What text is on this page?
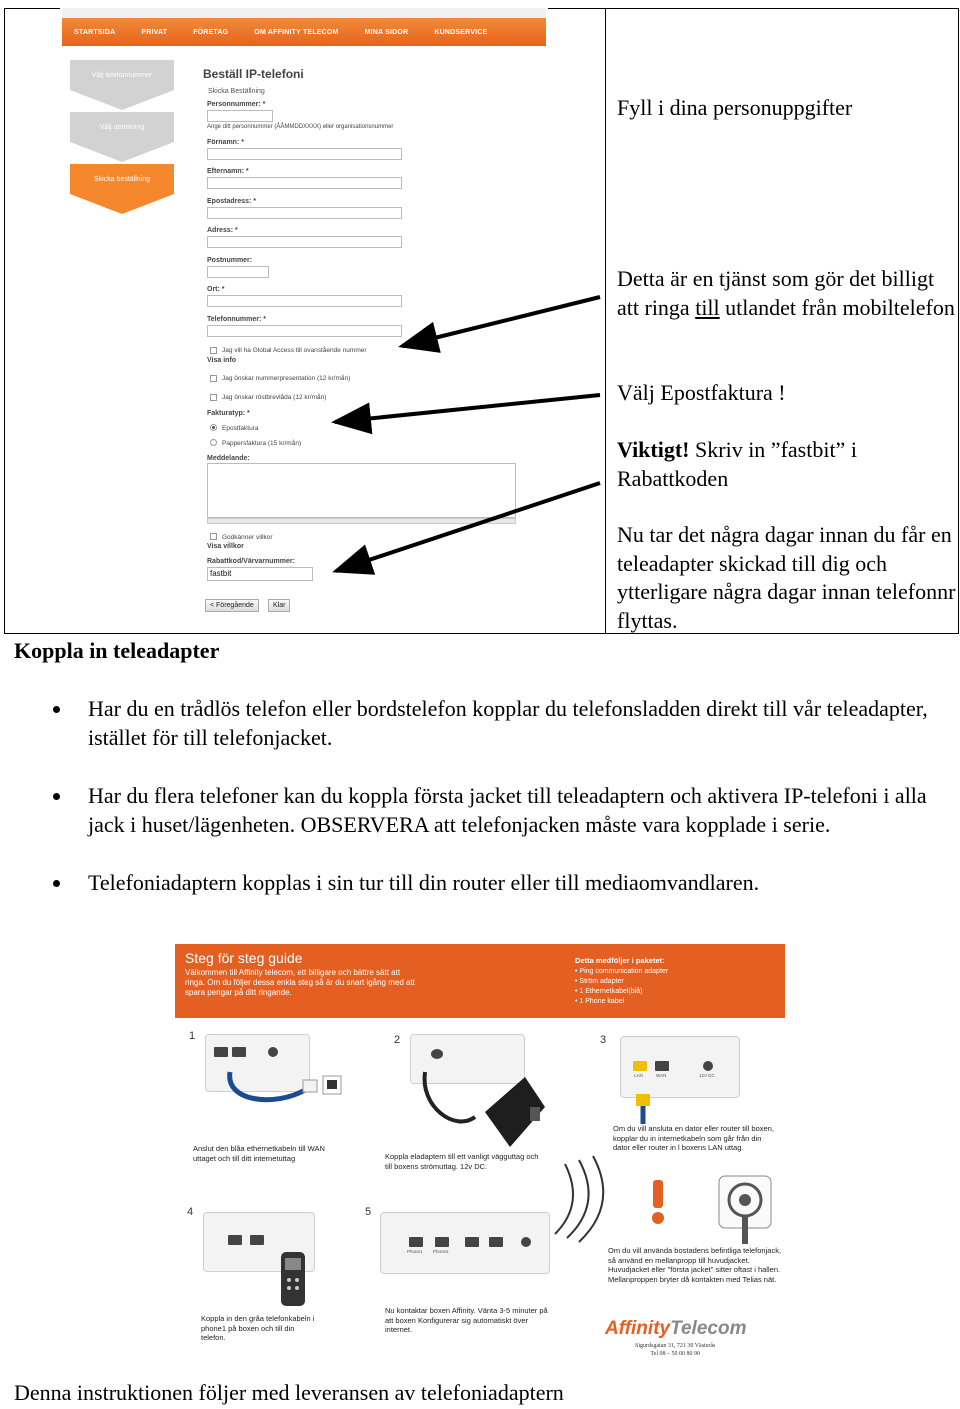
STARTSIDA	PRIVAT	FÖRETAG	OM AFFINITY TELECOM	MINA SIDOR	KUNDSERVICE
Välj telefonnummer
Välj utrustning
Skicka beställning
Beställ IP-telefoni
Skicka Beställning
Personnummer: *
Ange ditt personnummer (ÅÅMMDDXXXX) eller organisationsnummer
Förnamn: *
Efternamn: *
Epostadress: *
Adress: *
Postnummer:
Ort: *
Telefonnummer: *
Jag vill ha Global Access till ovanstående nummer
Visa info
Jag önskar nummerpresentation (12 kr/mån)
Jag önskar röstbrevlåda (12 kr/mån)
Fakturatyp: *
Epostfaktura
Pappersfaktura (15 kr/mån)
Meddelande:
Godkänner villkor
Visa villkor
Rabattkod/Värvarnummer:
fastbit
< Föregående	Klar
Fyll i dina personuppgifter
Detta är en tjänst som gör det billigt att ringa till utlandet från mobiltelefon
Välj Epostfaktura !
Viktigt! Skriv in ”fastbit” i Rabattkoden
Nu tar det några dagar innan du får en teleadapter skickad till dig och ytterligare några dagar innan telefonnr flyttas.
Koppla in teleadapter
Har du en trådlös telefon eller bordstelefon kopplar du telefonsladden direkt till vår teleadapter, istället för till telefonjacket.
Har du flera telefoner kan du koppla första jacket till teleadaptern och aktivera IP-telefoni i alla jack i huset/lägenheten. OBSERVERA att telefonjacken måste vara kopplade i serie.
Telefoniadaptern kopplas i sin tur till din router eller till mediaomvandlaren.
Steg för steg guide
Välkommen till Affinity telecom, ett billigare och bättre sätt att ringa. Om du följer dessa enkla steg så är du snart igång med att spara pengar på ditt ringande.
Detta medföljer i paketet:
• Ping communication adapter
• Ström adapter
• 1 Ethernetkabel(blå)
• 1 Phone kabel
1
Anslut den blåa ethernetkabeln till WAN uttaget och till ditt internetuttag
2
Koppla eladaptern till ett vanligt vägguttag och till boxens strömuttag. 12v DC.
3
LAN	WAN	12V DC
Om du vill ansluta en dator eller router till boxen, kopplar du in internetkabeln som går från din dator eller router in l boxens LAN uttag.
4
Koppla in den gråa telefonkabeln i phone1 på boxen och till din telefon.
5
Phone1 Phone2
Nu kontaktar boxen Affinity. Vänta 3-5 minuter på att boxen Konfigurerar sig automatiskt över internet.
Om du vill använda bostadens befintliga telefonjack, så använd en mellanpropp till huvudjacket. Huvudjacket eller "första jacket" sitter oftast i hallen. Mellanproppen bryter då kontakten med Telias nät.
AffinityTelecom
Sigurdsgatan 31, 721 30 Västerås
Tel 08 – 50 00 80 90
Denna instruktionen följer med leveransen av telefoniadaptern
